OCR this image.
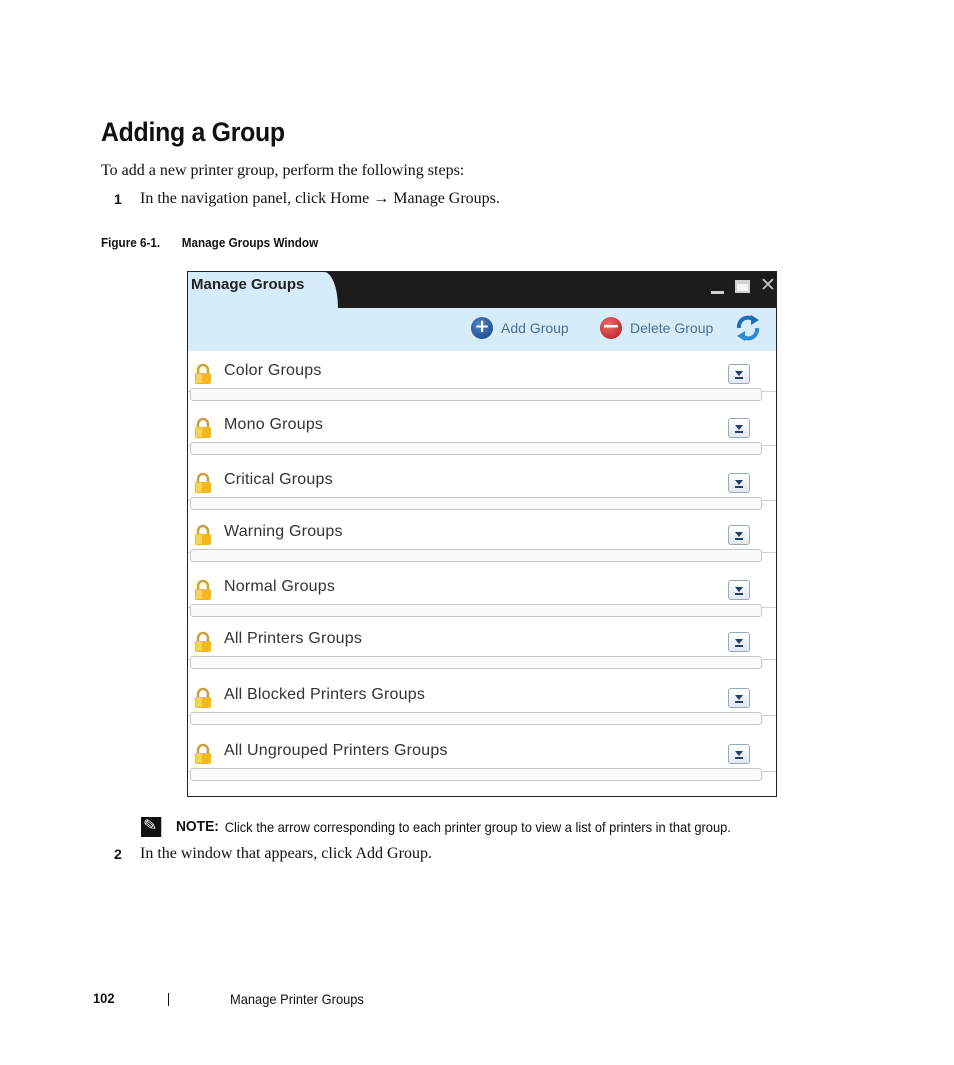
Adding a Group

To add a new printer group, perform the following steps:

1 In the navigation panel, click Home → Manage Groups.
Figure 6-1. Manage Groups Window
Manage Groups	✕
+ Add Group − Delete Group
Color Groups
Mono Groups
Critical Groups
Warning Groups
Normal Groups
All Printers Groups
All Blocked Printers Groups
All Ungrouped Printers Groups
✎ NOTE: Click the arrow corresponding to each printer group to view a list of printers in that group.
2 In the window that appears, click Add Group.
102	Manage Printer Groups
